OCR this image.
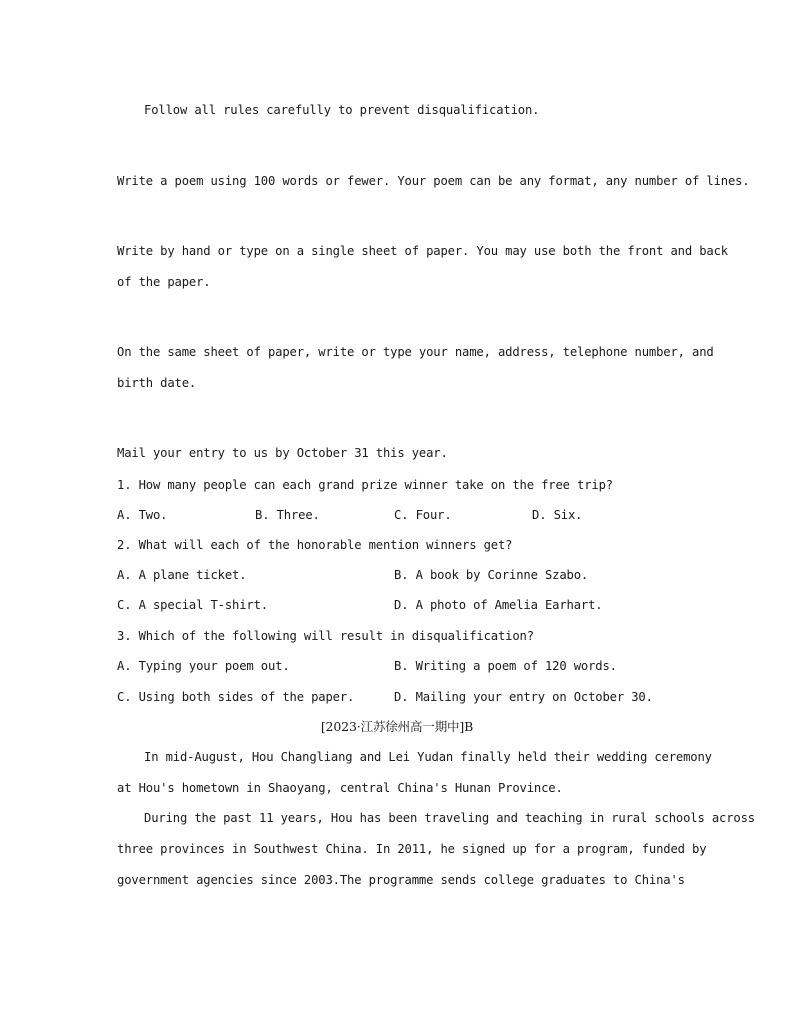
Follow all rules carefully to prevent disqualification.
Write a poem using 100 words or fewer. Your poem can be any format, any number of lines.
Write by hand or type on a single sheet of paper. You may use both the front and back
of the paper.
On the same sheet of paper, write or type your name, address, telephone number, and
birth date.
Mail your entry to us by October 31 this year.
1. How many people can each grand prize winner take on the free trip?
A. Two.	B. Three.	C. Four.	D. Six.
2. What will each of the honorable mention winners get?
A. A plane ticket.	B. A book by Corinne Szabo.
C. A special T-shirt.	D. A photo of Amelia Earhart.
3. Which of the following will result in disqualification?
A. Typing your poem out.	B. Writing a poem of 120 words.
C. Using both sides of the paper.	D. Mailing your entry on October 30.
[2023·江苏徐州高一期中]B
In mid-August, Hou Changliang and Lei Yudan finally held their wedding ceremony
at Hou's hometown in Shaoyang, central China's Hunan Province.
During the past 11 years, Hou has been traveling and teaching in rural schools across
three provinces in Southwest China. In 2011, he signed up for a program, funded by
government agencies since 2003.The programme sends college graduates to China's
